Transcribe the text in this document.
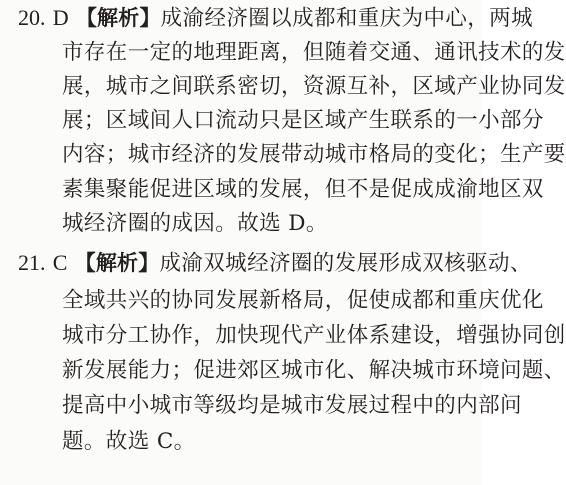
20. D 【解析】成渝经济圈以成都和重庆为中心，两城
市存在一定的地理距离，但随着交通、通讯技术的发
展，城市之间联系密切，资源互补，区域产业协同发
展；区域间人口流动只是区域产生联系的一小部分
内容；城市经济的发展带动城市格局的变化；生产要
素集聚能促进区域的发展，但不是促成成渝地区双
城经济圈的成因。故选 D。
21. C 【解析】成渝双城经济圈的发展形成双核驱动、
全域共兴的协同发展新格局，促使成都和重庆优化
城市分工协作，加快现代产业体系建设，增强协同创
新发展能力；促进郊区城市化、解决城市环境问题、
提高中小城市等级均是城市发展过程中的内部问
题。故选 C。
